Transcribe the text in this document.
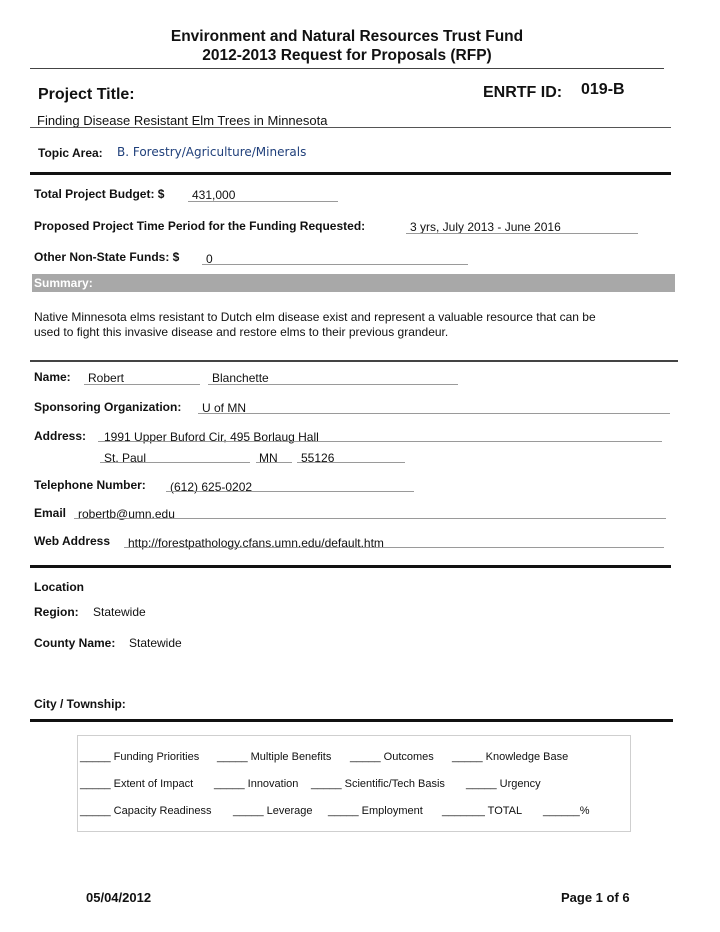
Environment and Natural Resources Trust Fund
2012-2013 Request for Proposals (RFP)
Project Title:	ENRTF ID: 019-B
Finding Disease Resistant Elm Trees in Minnesota
Topic Area: B. Forestry/Agriculture/Minerals
Total Project Budget: $ 431,000
Proposed Project Time Period for the Funding Requested:	3 yrs, July 2013 - June 2016
Other Non-State Funds: $ 0
Summary:
Native Minnesota elms resistant to Dutch elm disease exist and represent a valuable resource that can be
used to fight this invasive disease and restore elms to their previous grandeur.
Name: Robert	Blanchette
Sponsoring Organization: U of MN
Address: 1991 Upper Buford Cir, 495 Borlaug Hall
St. Paul	MN 55126
Telephone Number: (612) 625-0202
Email robertb@umn.edu
Web Address http://forestpathology.cfans.umn.edu/default.htm
Location
Region: Statewide
County Name: Statewide
City / Township:
_____ Funding Priorities _____ Multiple Benefits _____ Outcomes _____ Knowledge Base
_____ Extent of Impact _____ Innovation _____ Scientific/Tech Basis _____ Urgency
_____ Capacity Readiness _____ Leverage _____ Employment _______ TOTAL ______%
05/04/2012	Page 1 of 6
